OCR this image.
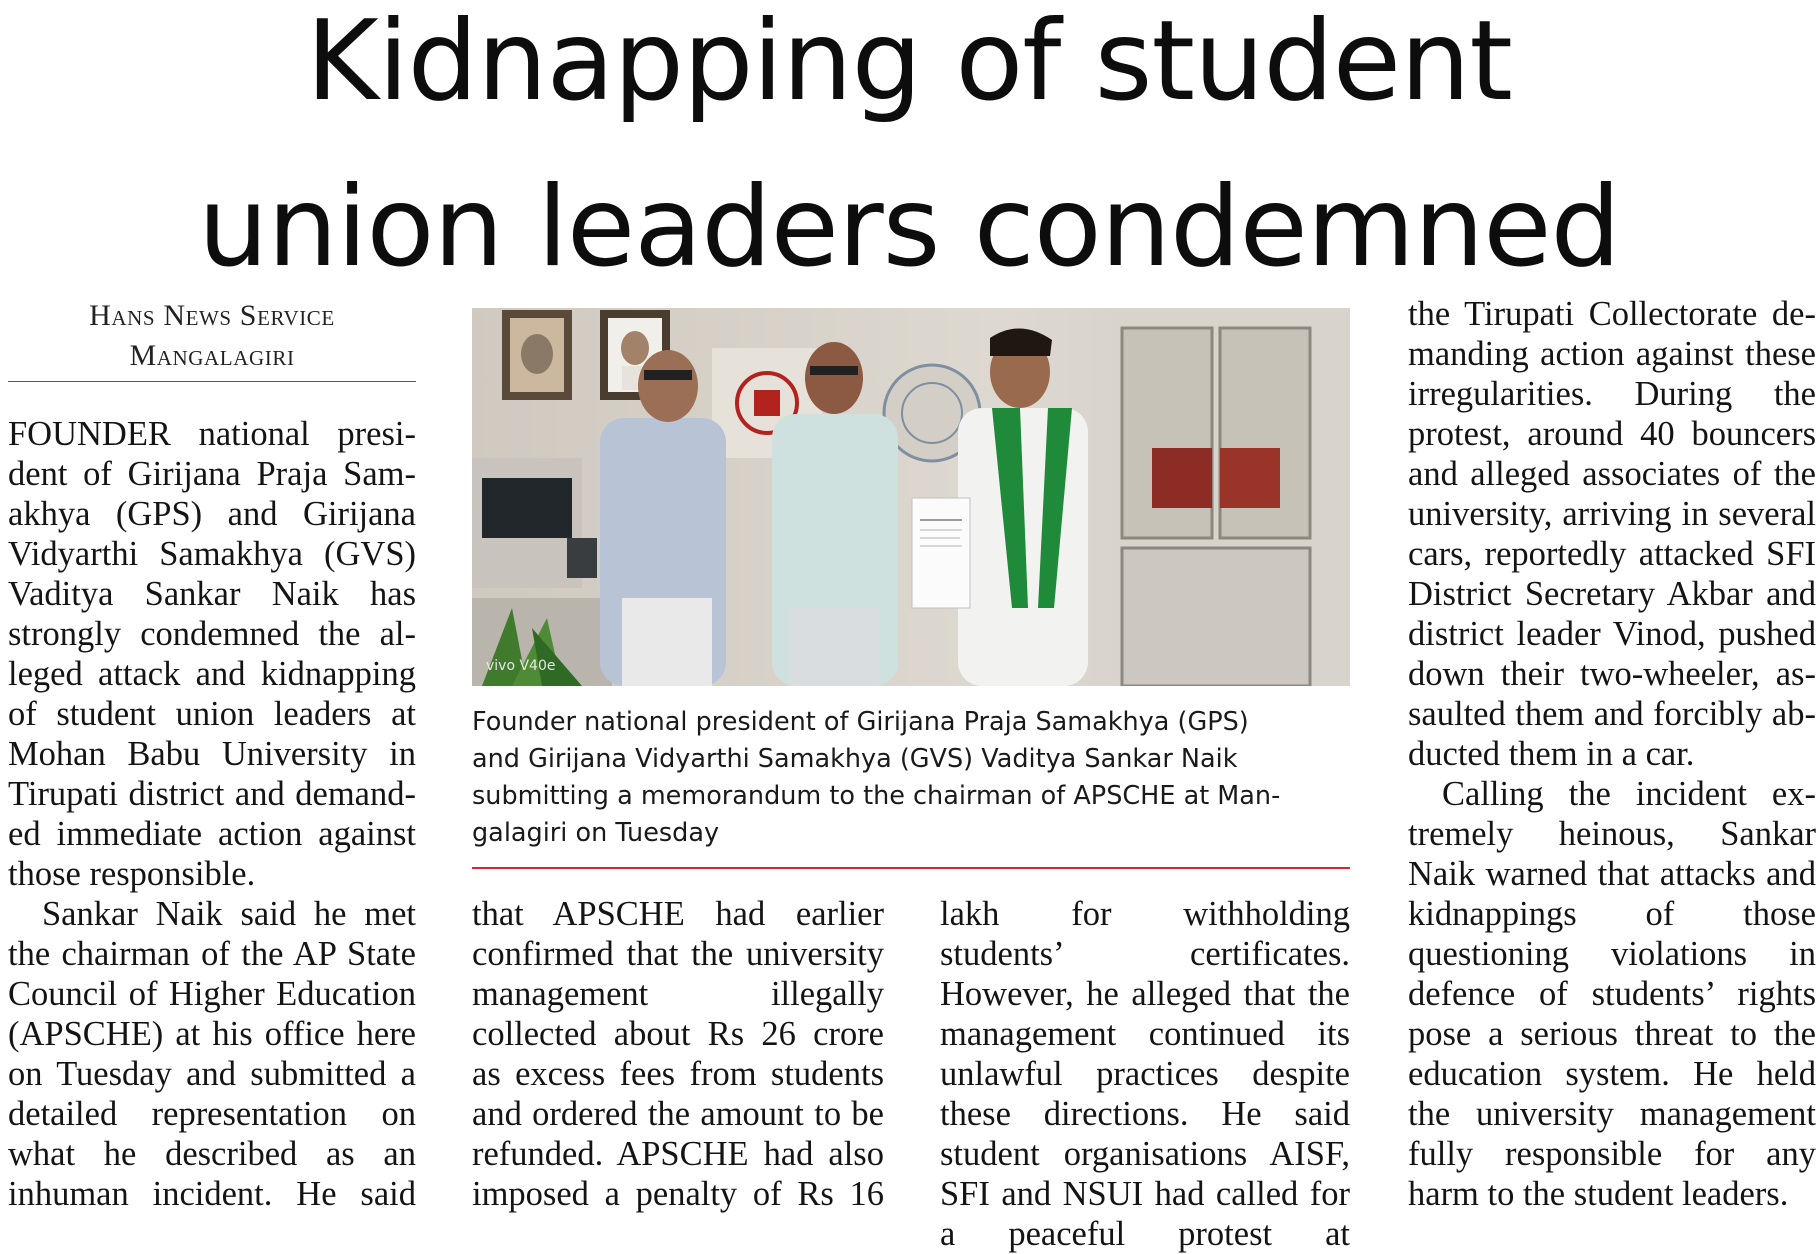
Kidnapping of student
union leaders condemned
Hans News Service
Mangalagiri

FOUNDER national president of Girijana Praja Samakhya (GPS) and Girijana Vidyarthi Samakhya (GVS) Vaditya Sankar Naik has strongly condemned the alleged attack and kidnapping of student union leaders at Mohan Babu University in Tirupati district and demanded immediate action against those responsible.

Sankar Naik said he met the chairman of the AP State Council of Higher Education (APSCHE) at his office here on Tuesday and submitted a detailed representation on what he described as an inhuman incident. He said

vivo V40e
Founder national president of Girijana Praja Samakhya (GPS)
and Girijana Vidyarthi Samakhya (GVS) Vaditya Sankar Naik
submitting a memorandum to the chairman of APSCHE at Man-
galagiri on Tuesday

that APSCHE had earlier confirmed that the university management illegally collected about Rs 26 crore as excess fees from students and ordered the amount to be refunded. APSCHE had also imposed a penalty of Rs 16

lakh for withholding students’ certificates. However, he alleged that the management continued its unlawful practices despite these directions. He said student organisations AISF, SFI and NSUI had called for a peaceful protest at

the Tirupati Collectorate demanding action against these irregularities. During the protest, around 40 bouncers and alleged associates of the university, arriving in several cars, reportedly attacked SFI District Secretary Akbar and district leader Vinod, pushed down their two-wheeler, assaulted them and forcibly abducted them in a car.

Calling the incident extremely heinous, Sankar Naik warned that attacks and kidnappings of those questioning violations in defence of students’ rights pose a serious threat to the education system. He held the university management fully responsible for any harm to the student leaders.
